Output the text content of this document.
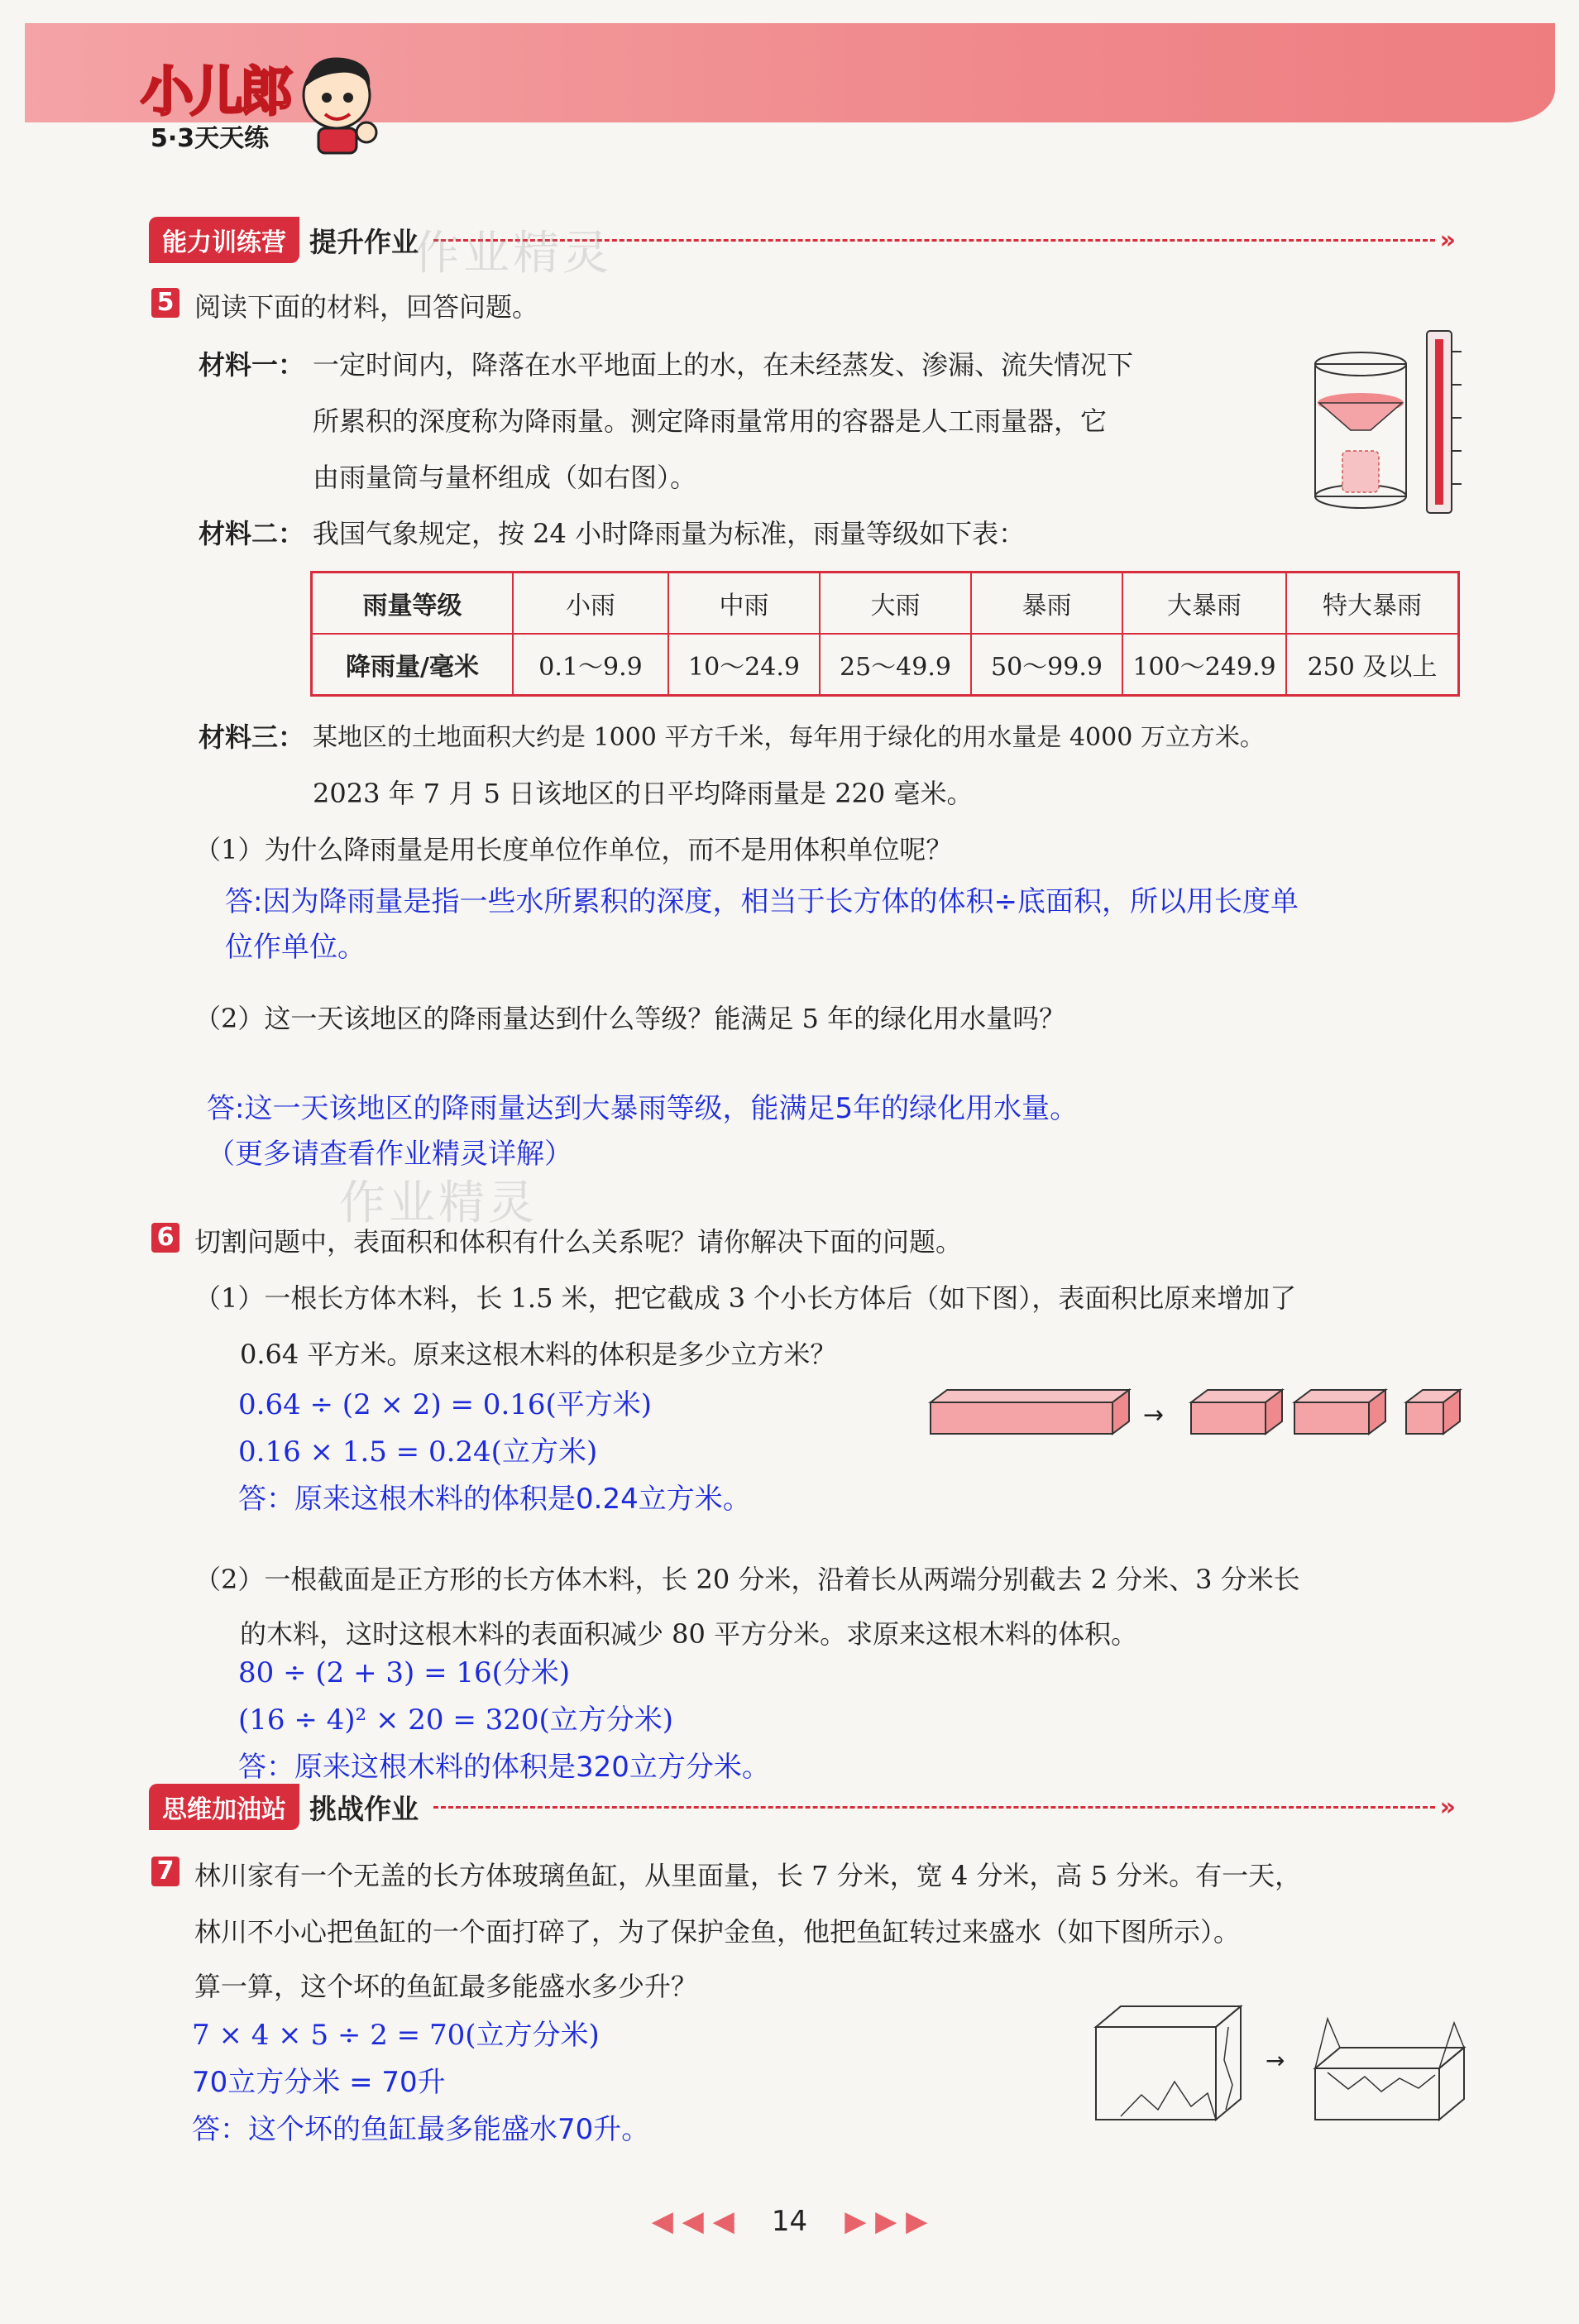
小儿郎
5·3天天练
能力训练营 提升作业	»
作业精灵
5 阅读下面的材料，回答问题。
材料一： 一定时间内，降落在水平地面上的水，在未经蒸发、渗漏、流失情况下
所累积的深度称为降雨量。测定降雨量常用的容器是人工雨量器，它
由雨量筒与量杯组成（如右图）。
材料二： 我国气象规定，按 24 小时降雨量为标准，雨量等级如下表：
雨量等级	小雨	中雨	大雨	暴雨	大暴雨	特大暴雨
降雨量/毫米	0.1～9.9	10～24.9	25～49.9	50～99.9	100～249.9	250 及以上
材料三： 某地区的土地面积大约是 1000 平方千米，每年用于绿化的用水量是 4000 万立方米。
2023 年 7 月 5 日该地区的日平均降雨量是 220 毫米。
（1）为什么降雨量是用长度单位作单位，而不是用体积单位呢？
答:因为降雨量是指一些水所累积的深度，相当于长方体的体积÷底面积，所以用长度单
位作单位。
（2）这一天该地区的降雨量达到什么等级？能满足 5 年的绿化用水量吗？
答:这一天该地区的降雨量达到大暴雨等级，能满足5年的绿化用水量。
（更多请查看作业精灵详解）
作业精灵
6 切割问题中，表面积和体积有什么关系呢？请你解决下面的问题。
（1）一根长方体木料，长 1.5 米，把它截成 3 个小长方体后（如下图），表面积比原来增加了
0.64 平方米。原来这根木料的体积是多少立方米？
0.64 ÷ (2 × 2) = 0.16(平方米)
0.16 × 1.5 = 0.24(立方米)
答：原来这根木料的体积是0.24立方米。
→
（2）一根截面是正方形的长方体木料，长 20 分米，沿着长从两端分别截去 2 分米、3 分米长
的木料，这时这根木料的表面积减少 80 平方分米。求原来这根木料的体积。
80 ÷ (2 + 3) = 16(分米)
(16 ÷ 4)² × 20 = 320(立方分米)
答：原来这根木料的体积是320立方分米。
思维加油站 挑战作业	»
7 林川家有一个无盖的长方体玻璃鱼缸，从里面量，长 7 分米，宽 4 分米，高 5 分米。有一天，
林川不小心把鱼缸的一个面打碎了，为了保护金鱼，他把鱼缸转过来盛水（如下图所示）。
算一算，这个坏的鱼缸最多能盛水多少升？
7 × 4 × 5 ÷ 2 = 70(立方分米)
70立方分米 = 70升
答：这个坏的鱼缸最多能盛水70升。
→
◀ ◀ ◀ 14 ▶ ▶ ▶
